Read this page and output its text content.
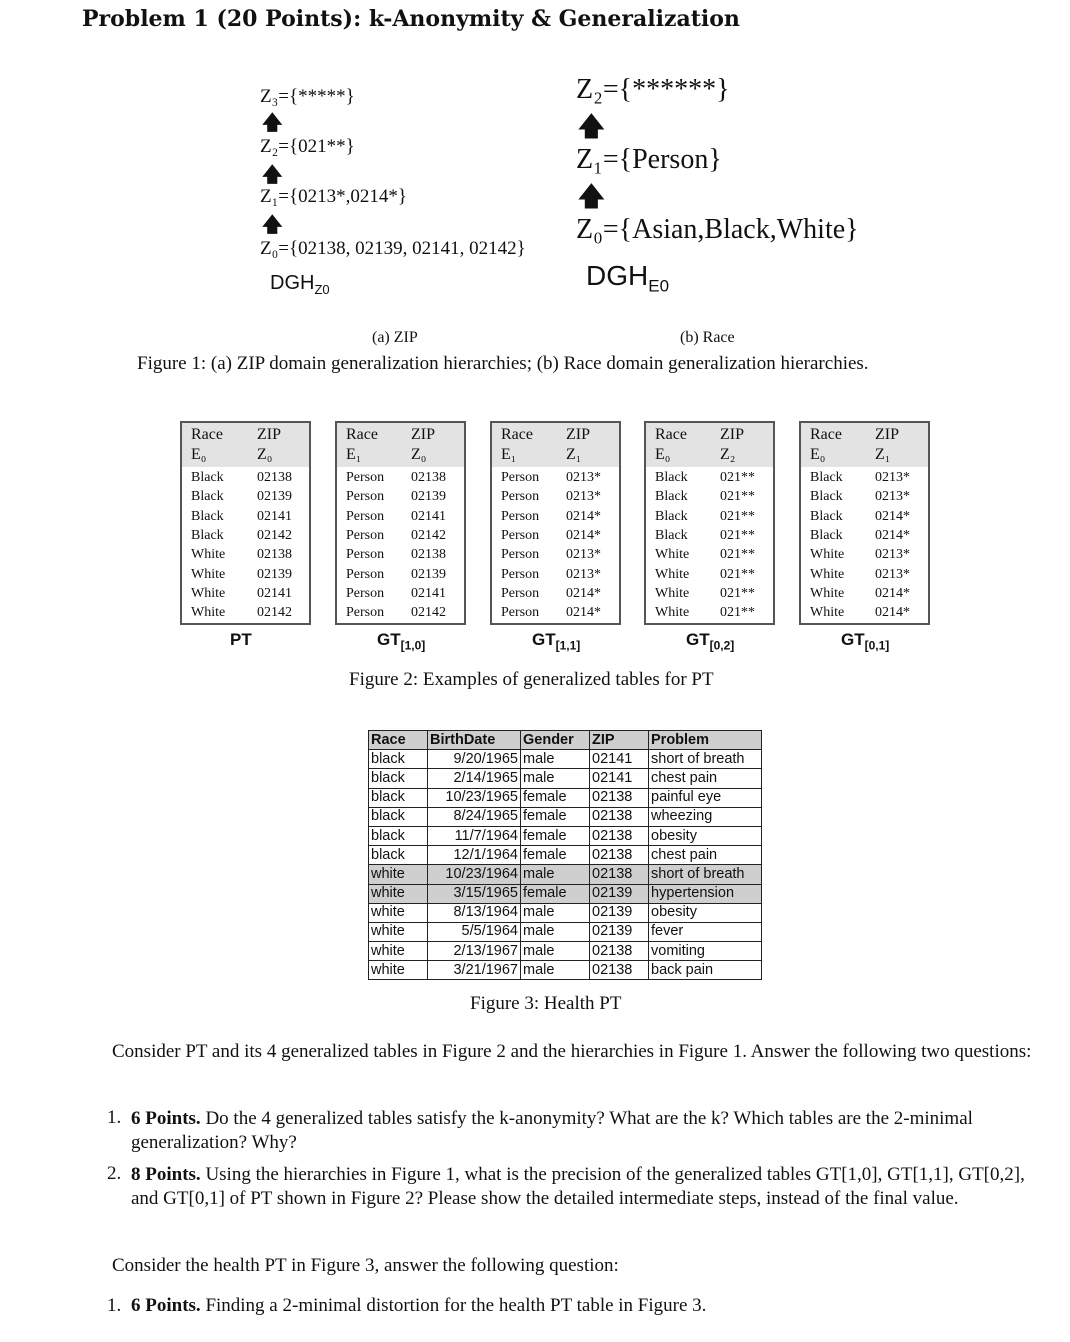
Problem 1 (20 Points): k-Anonymity & Generalization
Z₃={*****}
🡅
Z₂={021**}
🡅
Z₁={0213*,0214*}
🡅
Z₀={02138, 02139, 02141, 02142}
$DGH_{Z0}$
Z₂={******}
🡅
Z₁={Person}
🡅
Z₀={Asian,Black,White}
$DGH_{E0}$
(a) ZIP	(b) Race
Figure 1: (a) ZIP domain generalization hierarchies; (b) Race domain generalization hierarchies.
Race ZIP
E₀	Z₀
Black 02138
Black 02139
Black 02141
Black 02142
White 02138
White 02139
White 02141
White 02142
Race ZIP
E₁	Z₀
Person 02138
Person 02139
Person 02141
Person 02142
Person 02138
Person 02139
Person 02141
Person 02142
Race ZIP
E₁	Z₁
Person 0213*
Person 0213*
Person 0214*
Person 0214*
Person 0213*
Person 0213*
Person 0214*
Person 0214*
Race ZIP
E₀	Z₂
Black 021**
Black 021**
Black 021**
Black 021**
White 021**
White 021**
White 021**
White 021**
Race ZIP
E₀	Z₁
Black 0213*
Black 0213*
Black 0214*
Black 0214*
White 0213*
White 0213*
White 0214*
White 0214*
Figure 2: Examples of generalized tables for PT
Race	BirthDate	Gender	ZIP	Problem
black	9/20/1965	male	02141	short of breath
black	2/14/1965	male	02141	chest pain
black	10/23/1965	female	02138	painful eye
black	8/24/1965	female	02138	wheezing
black	11/7/1964	female	02138	obesity
black	12/1/1964	female	02138	chest pain
white	10/23/1964	male	02138	short of breath
white	3/15/1965	female	02139	hypertension
white	8/13/1964	male	02139	obesity
white	5/5/1964	male	02139	fever
white	2/13/1967	male	02138	vomiting
white	3/21/1967	male	02138	back pain
Figure 3: Health PT
Consider PT and its 4 generalized tables in Figure 2 and the hierarchies in Figure 1. Answer the following two questions:
1. 6 Points. Do the 4 generalized tables satisfy the k-anonymity? What are the k? Which tables are the 2-minimal generalization? Why?
2. 8 Points. Using the hierarchies in Figure 1, what is the precision of the generalized tables GT[1,0], GT[1,1], GT[0,2], and GT[0,1] of PT shown in Figure 2? Please show the detailed intermediate steps, instead of the final value.
Consider the health PT in Figure 3, answer the following question:
1. 6 Points. Finding a 2-minimal distortion for the health PT table in Figure 3.
PT	$GT_{[1,0]}$	$GT_{[1,1]}$	$GT_{[0,2]}$	$GT_{[0,1]}$
